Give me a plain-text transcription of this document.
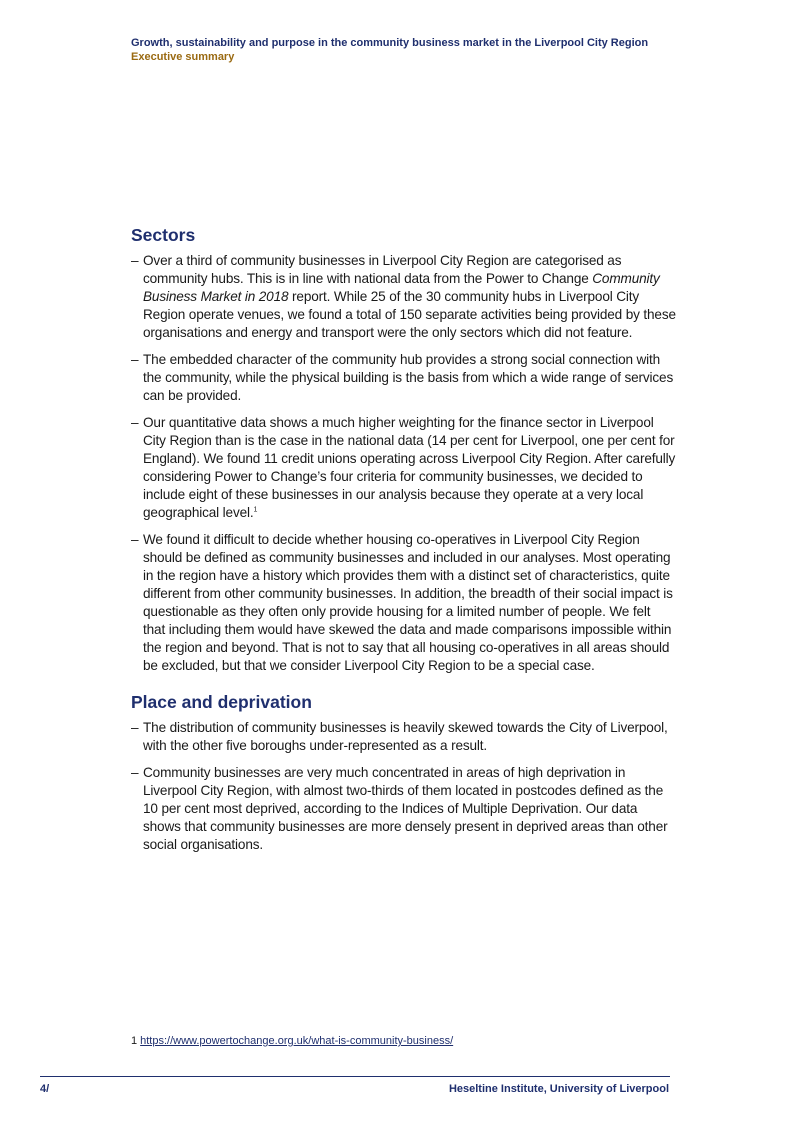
Growth, sustainability and purpose in the community business market in the Liverpool City Region
Executive summary
Sectors
– Over a third of community businesses in Liverpool City Region are categorised as community hubs. This is in line with national data from the Power to Change Community Business Market in 2018 report. While 25 of the 30 community hubs in Liverpool City Region operate venues, we found a total of 150 separate activities being provided by these organisations and energy and transport were the only sectors which did not feature.
– The embedded character of the community hub provides a strong social connection with the community, while the physical building is the basis from which a wide range of services can be provided.
– Our quantitative data shows a much higher weighting for the finance sector in Liverpool City Region than is the case in the national data (14 per cent for Liverpool, one per cent for England). We found 11 credit unions operating across Liverpool City Region. After carefully considering Power to Change’s four criteria for community businesses, we decided to include eight of these businesses in our analysis because they operate at a very local geographical level.$^1$
– We found it difficult to decide whether housing co-operatives in Liverpool City Region should be defined as community businesses and included in our analyses. Most operating in the region have a history which provides them with a distinct set of characteristics, quite different from other community businesses. In addition, the breadth of their social impact is questionable as they often only provide housing for a limited number of people. We felt that including them would have skewed the data and made comparisons impossible within the region and beyond. That is not to say that all housing co-operatives in all areas should be excluded, but that we consider Liverpool City Region to be a special case.
Place and deprivation
– The distribution of community businesses is heavily skewed towards the City of Liverpool, with the other five boroughs under-represented as a result.
– Community businesses are very much concentrated in areas of high deprivation in Liverpool City Region, with almost two-thirds of them located in postcodes defined as the 10 per cent most deprived, according to the Indices of Multiple Deprivation. Our data shows that community businesses are more densely present in deprived areas than other social organisations.
1 https://www.powertochange.org.uk/what-is-community-business/
4/	Heseltine Institute, University of Liverpool
